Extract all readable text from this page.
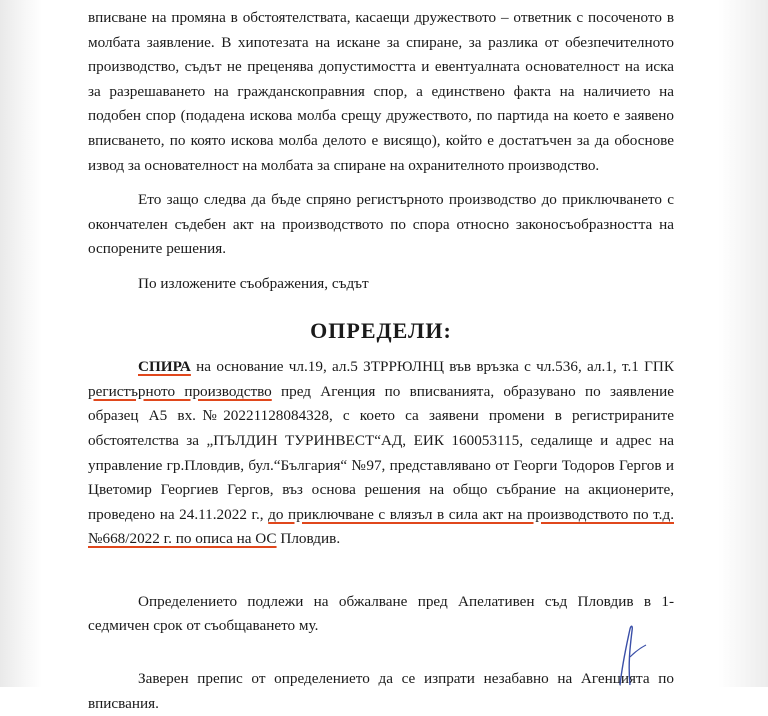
вписване на промяна в обстоятелствата, касаещи дружеството – ответник с посоченото в молбата заявление. В хипотезата на искане за спиране, за разлика от обезпечителното производство, съдът не преценява допустимостта и евентуалната основателност на иска за разрешаването на гражданскоправния спор, а единствено факта на наличието на подобен спор (подадена искова молба срещу дружеството, по партида на което е заявено вписването, по която искова молба делото е висящо), който е достатъчен за да обоснове извод за основателност на молбата за спиране на охранителното производство.

Ето защо следва да бъде спряно регистърното производство до приключването с окончателен съдебен акт на производството по спора относно законосъобразността на оспорените решения.

По изложените съображения, съдът

ОПРЕДЕЛИ:

СПИРА на основание чл.19, ал.5 ЗТРРЮЛНЦ във връзка с чл.536, ал.1, т.1 ГПК регистърното производство пред Агенция по вписванията, образувано по заявление образец А5 вх.№20221128084328, с което са заявени промени в регистрираните обстоятелства за „ПЪЛДИН ТУРИНВЕСТ“АД, ЕИК 160053115, седалище и адрес на управление гр.Пловдив, бул.“България“ №97, представлявано от Георги Тодоров Гергов и Цветомир Георгиев Гергов, въз основа решения на общо събрание на акционерите, проведено на 24.11.2022 г., до приключване с влязъл в сила акт на производството по т.д.№668/2022 г. по описа на ОС Пловдив.

Определението подлежи на обжалване пред Апелативен съд Пловдив в 1-седмичен срок от съобщаването му.

Заверен препис от определението да се изпрати незабавно на Агенцията по вписвания.
